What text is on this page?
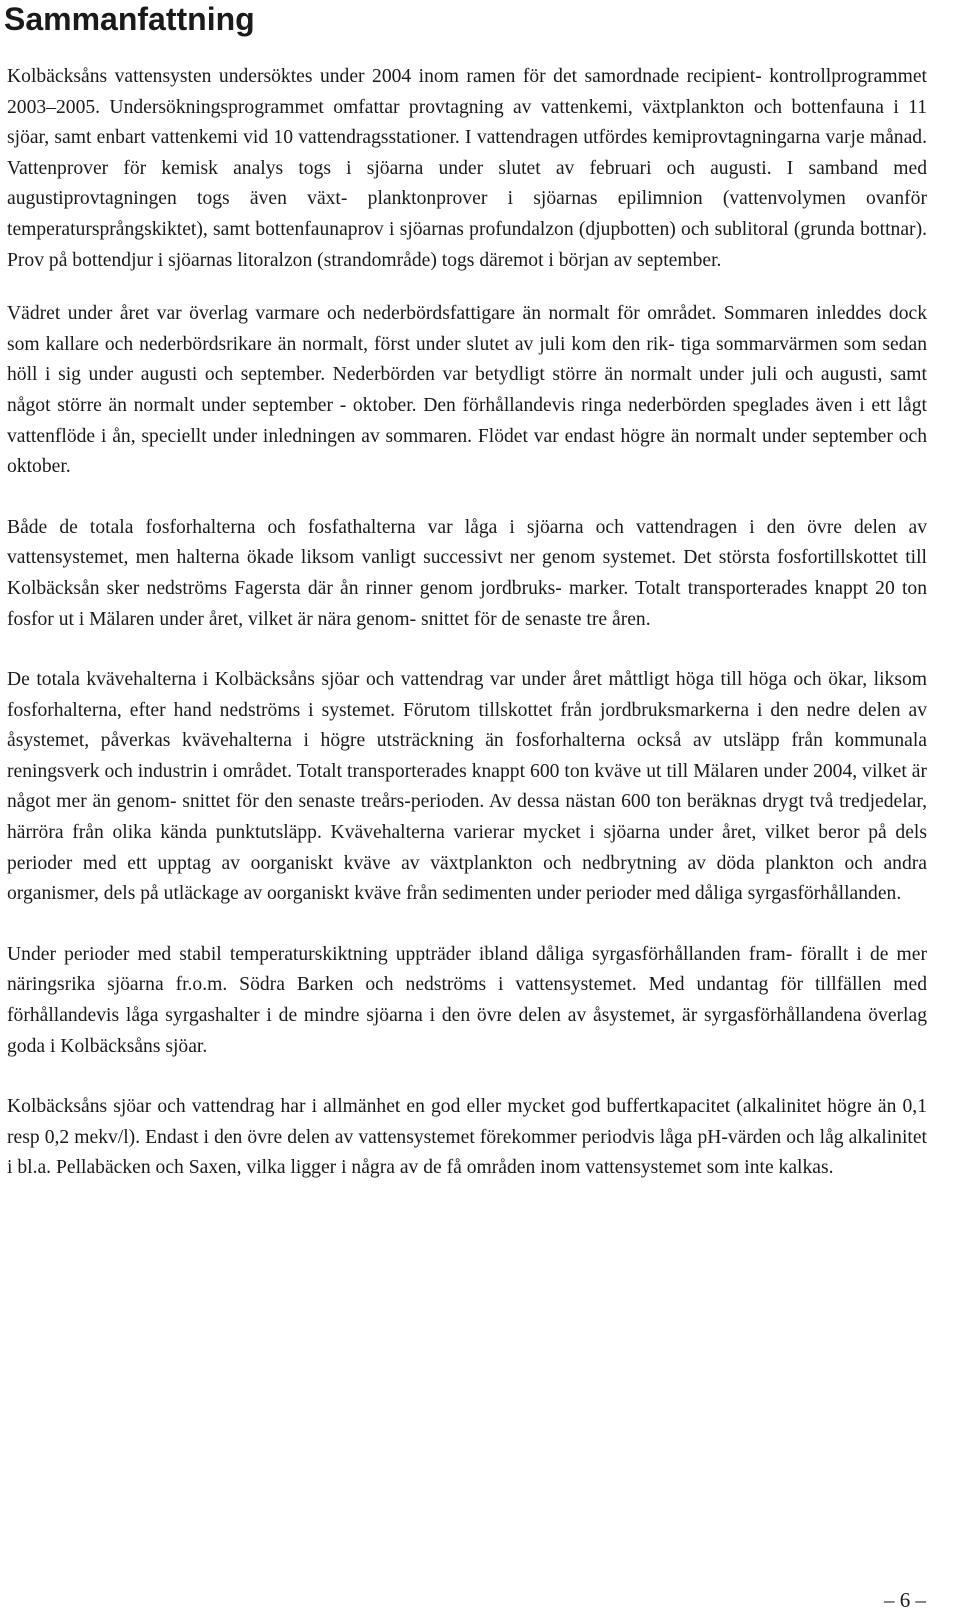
Sammanfattning

Kolbäcksåns vattensysten undersöktes under 2004 inom ramen för det samordnade recipient- kontrollprogrammet 2003–2005. Undersökningsprogrammet omfattar provtagning av vattenkemi, växtplankton och bottenfauna i 11 sjöar, samt enbart vattenkemi vid 10 vattendragsstationer. I vattendragen utfördes kemiprovtagningarna varje månad. Vattenprover för kemisk analys togs i sjöarna under slutet av februari och augusti. I samband med augustiprovtagningen togs även växt- planktonprover i sjöarnas epilimnion (vattenvolymen ovanför temperatursprångskiktet), samt bottenfaunaprov i sjöarnas profundalzon (djupbotten) och sublitoral (grunda bottnar). Prov på bottendjur i sjöarnas litoralzon (strandområde) togs däremot i början av september.

Vädret under året var överlag varmare och nederbördsfattigare än normalt för området. Sommaren inleddes dock som kallare och nederbördsrikare än normalt, först under slutet av juli kom den rik- tiga sommarvärmen som sedan höll i sig under augusti och september. Nederbörden var betydligt större än normalt under juli och augusti, samt något större än normalt under september - oktober. Den förhållandevis ringa nederbörden speglades även i ett lågt vattenflöde i ån, speciellt under inledningen av sommaren. Flödet var endast högre än normalt under september och oktober.

Både de totala fosforhalterna och fosfathalterna var låga i sjöarna och vattendragen i den övre delen av vattensystemet, men halterna ökade liksom vanligt successivt ner genom systemet. Det största fosfortillskottet till Kolbäcksån sker nedströms Fagersta där ån rinner genom jordbruks- marker. Totalt transporterades knappt 20 ton fosfor ut i Mälaren under året, vilket är nära genom- snittet för de senaste tre åren.

De totala kvävehalterna i Kolbäcksåns sjöar och vattendrag var under året måttligt höga till höga och ökar, liksom fosforhalterna, efter hand nedströms i systemet. Förutom tillskottet från jordbruksmarkerna i den nedre delen av åsystemet, påverkas kvävehalterna i högre utsträckning än fosforhalterna också av utsläpp från kommunala reningsverk och industrin i området. Totalt transporterades knappt 600 ton kväve ut till Mälaren under 2004, vilket är något mer än genom- snittet för den senaste treårs-perioden. Av dessa nästan 600 ton beräknas drygt två tredjedelar, härröra från olika kända punktutsläpp. Kvävehalterna varierar mycket i sjöarna under året, vilket beror på dels perioder med ett upptag av oorganiskt kväve av växtplankton och nedbrytning av döda plankton och andra organismer, dels på utläckage av oorganiskt kväve från sedimenten under perioder med dåliga syrgasförhållanden.

Under perioder med stabil temperaturskiktning uppträder ibland dåliga syrgasförhållanden fram- förallt i de mer näringsrika sjöarna fr.o.m. Södra Barken och nedströms i vattensystemet. Med undantag för tillfällen med förhållandevis låga syrgashalter i de mindre sjöarna i den övre delen av åsystemet, är syrgasförhållandena överlag goda i Kolbäcksåns sjöar.

Kolbäcksåns sjöar och vattendrag har i allmänhet en god eller mycket god buffertkapacitet (alkalinitet högre än 0,1 resp 0,2 mekv/l). Endast i den övre delen av vattensystemet förekommer periodvis låga pH-värden och låg alkalinitet i bl.a. Pellabäcken och Saxen, vilka ligger i några av de få områden inom vattensystemet som inte kalkas.

– 6 –
